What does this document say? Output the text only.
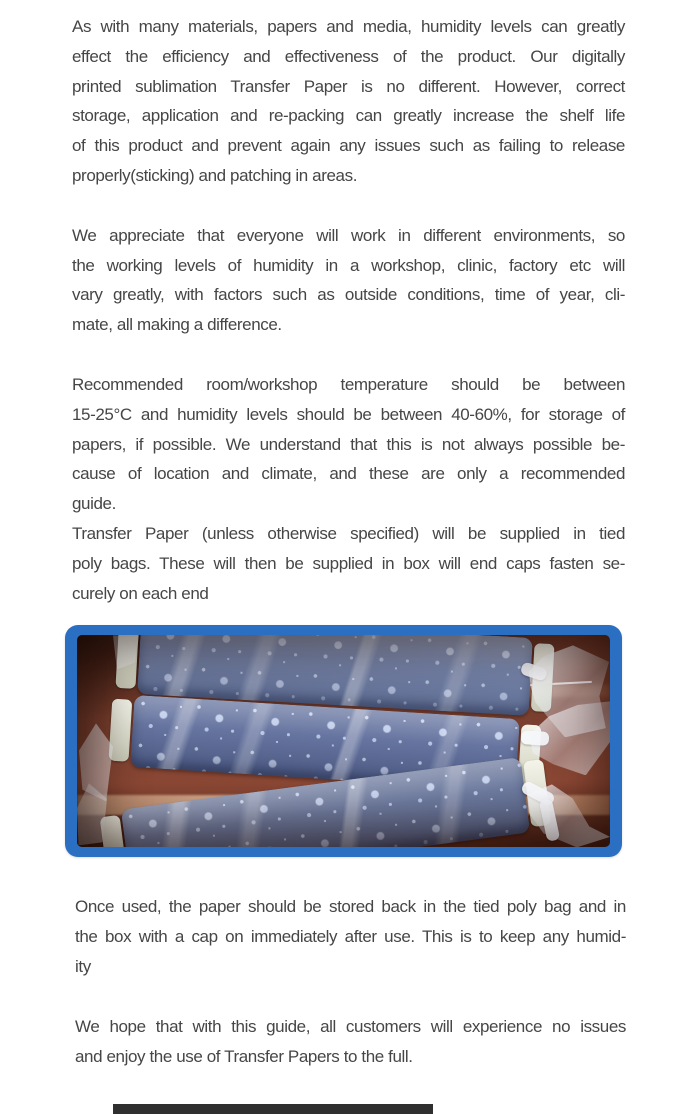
As with many materials, papers and media, humidity levels can greatly
effect the efficiency and effectiveness of the product. Our digitally
printed sublimation Transfer Paper is no different. However, correct
storage, application and re-packing can greatly increase the shelf life
of this product and prevent again any issues such as failing to release
properly(sticking) and patching in areas.
We appreciate that everyone will work in different environments, so
the working levels of humidity in a workshop, clinic, factory etc will
vary greatly, with factors such as outside conditions, time of year, cli-
mate, all making a difference.
Recommended room/workshop temperature should be between
15-25°C and humidity levels should be between 40-60%, for storage of
papers, if possible. We understand that this is not always possible be-
cause of location and climate, and these are only a recommended
guide.
Transfer Paper (unless otherwise specified) will be supplied in tied
poly bags. These will then be supplied in box will end caps fasten se-
curely on each end
Once used, the paper should be stored back in the tied poly bag and in
the box with a cap on immediately after use. This is to keep any humid-
ity
We hope that with this guide, all customers will experience no issues
and enjoy the use of Transfer Papers to the full.
